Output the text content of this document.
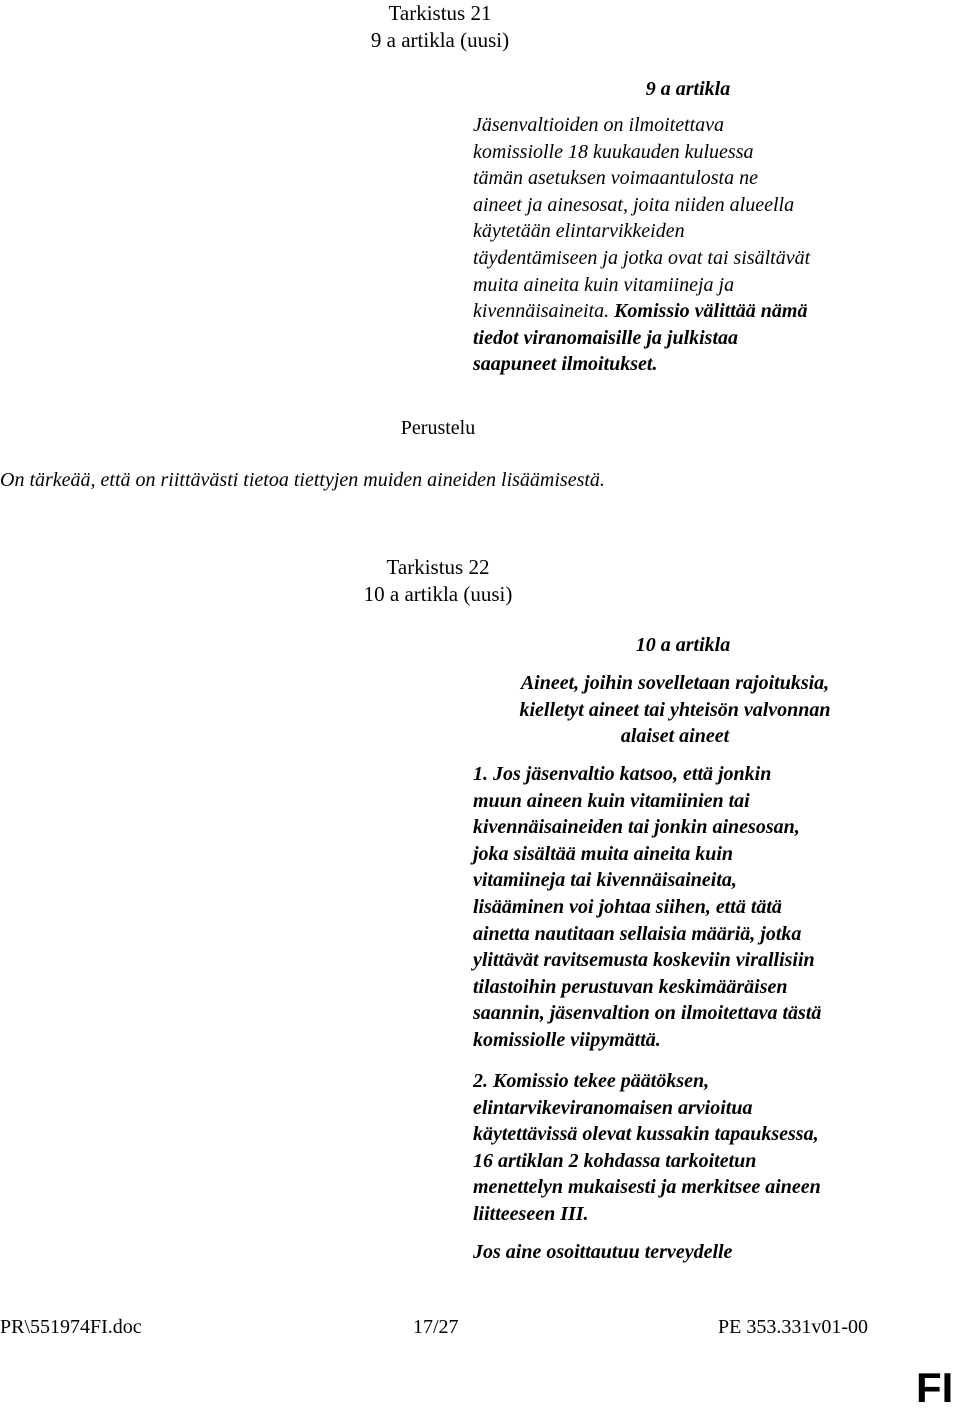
Tarkistus 21
9 a artikla (uusi)
9 a artikla
Jäsenvaltioiden on ilmoitettava
komissiolle 18 kuukauden kuluessa
tämän asetuksen voimaantulosta ne
aineet ja ainesosat, joita niiden alueella
käytetään elintarvikkeiden
täydentämiseen ja jotka ovat tai sisältävät
muita aineita kuin vitamiineja ja
kivennäisaineita. Komissio välittää nämä
tiedot viranomaisille ja julkistaa
saapuneet ilmoitukset.
Perustelu
On tärkeää, että on riittävästi tietoa tiettyjen muiden aineiden lisäämisestä.
Tarkistus 22
10 a artikla (uusi)
10 a artikla
Aineet, joihin sovelletaan rajoituksia,
kielletyt aineet tai yhteisön valvonnan
alaiset aineet
1. Jos jäsenvaltio katsoo, että jonkin
muun aineen kuin vitamiinien tai
kivennäisaineiden tai jonkin ainesosan,
joka sisältää muita aineita kuin
vitamiineja tai kivennäisaineita,
lisääminen voi johtaa siihen, että tätä
ainetta nautitaan sellaisia määriä, jotka
ylittävät ravitsemusta koskeviin virallisiin
tilastoihin perustuvan keskimääräisen
saannin, jäsenvaltion on ilmoitettava tästä
komissiolle viipymättä.
2. Komissio tekee päätöksen,
elintarvikeviranomaisen arvioitua
käytettävissä olevat kussakin tapauksessa,
16 artiklan 2 kohdassa tarkoitetun
menettelyn mukaisesti ja merkitsee aineen
liitteeseen III.
Jos aine osoittautuu terveydelle
PR\551974FI.doc	17/27	PE 353.331v01-00
FI
